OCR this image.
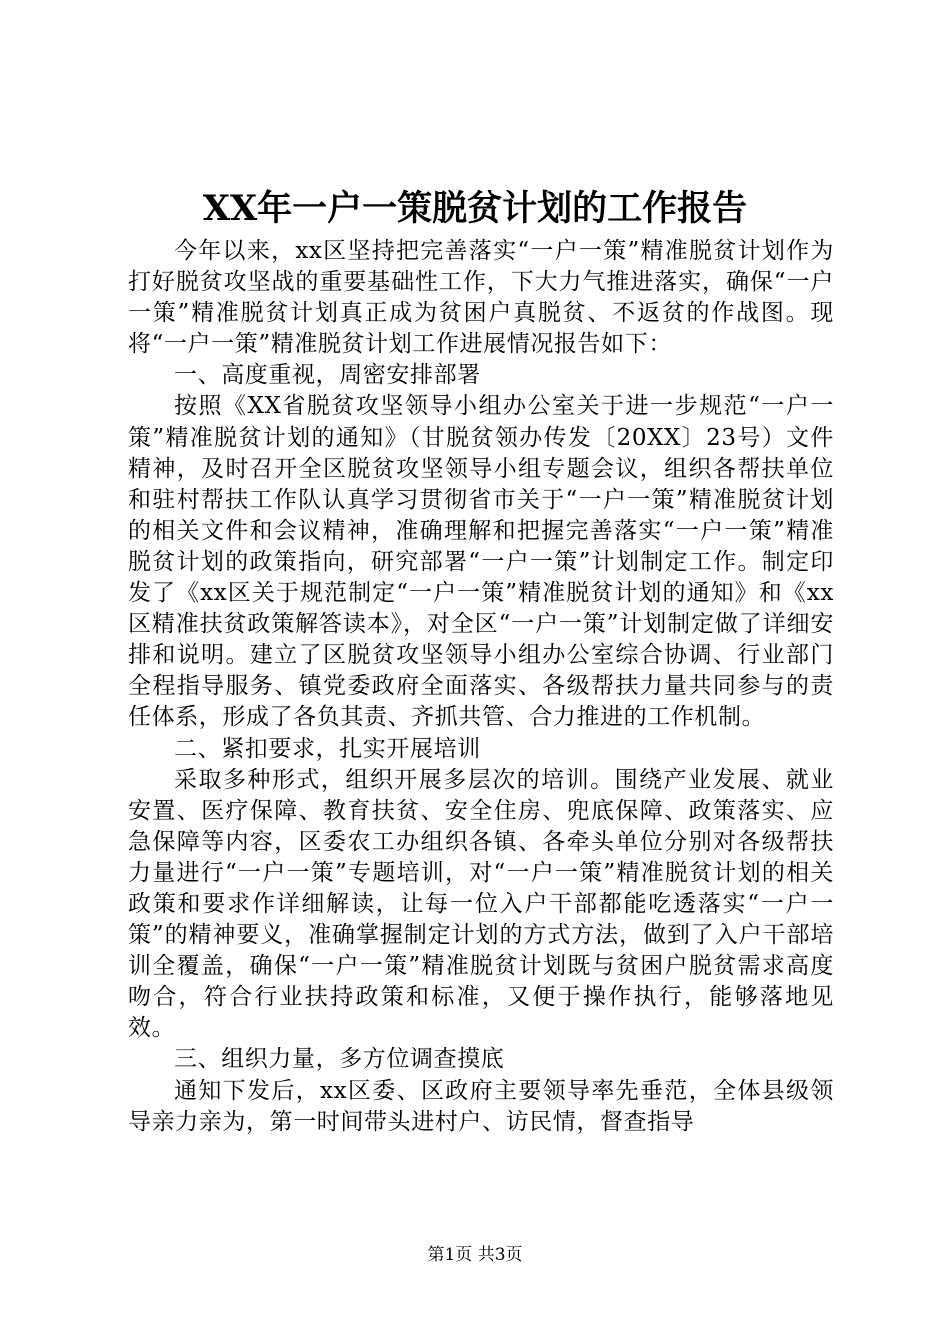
XX年一户一策脱贫计划的工作报告

今年以来，xx区坚持把完善落实“一户一策”精准脱贫计划作为打好脱贫攻坚战的重要基础性工作，下大力气推进落实，确保“一户一策”精准脱贫计划真正成为贫困户真脱贫、不返贫的作战图。现将“一户一策”精准脱贫计划工作进展情况报告如下：

一、高度重视，周密安排部署

按照《XX省脱贫攻坚领导小组办公室关于进一步规范“一户一策”精准脱贫计划的通知》（甘脱贫领办传发〔20XX〕23号）文件精神，及时召开全区脱贫攻坚领导小组专题会议，组织各帮扶单位和驻村帮扶工作队认真学习贯彻省市关于“一户一策”精准脱贫计划的相关文件和会议精神，准确理解和把握完善落实“一户一策”精准脱贫计划的政策指向，研究部署“一户一策”计划制定工作。制定印发了《xx区关于规范制定“一户一策”精准脱贫计划的通知》和《xx区精准扶贫政策解答读本》，对全区“一户一策”计划制定做了详细安排和说明。建立了区脱贫攻坚领导小组办公室综合协调、行业部门全程指导服务、镇党委政府全面落实、各级帮扶力量共同参与的责任体系，形成了各负其责、齐抓共管、合力推进的工作机制。

二、紧扣要求，扎实开展培训

采取多种形式，组织开展多层次的培训。围绕产业发展、就业安置、医疗保障、教育扶贫、安全住房、兜底保障、政策落实、应急保障等内容，区委农工办组织各镇、各牵头单位分别对各级帮扶力量进行“一户一策”专题培训，对“一户一策”精准脱贫计划的相关政策和要求作详细解读，让每一位入户干部都能吃透落实“一户一策”的精神要义，准确掌握制定计划的方式方法，做到了入户干部培训全覆盖，确保“一户一策”精准脱贫计划既与贫困户脱贫需求高度吻合，符合行业扶持政策和标准，又便于操作执行，能够落地见效。

三、组织力量，多方位调查摸底

通知下发后，xx区委、区政府主要领导率先垂范，全体县级领导亲力亲为，第一时间带头进村户、访民情，督查指导

第1页 共3页
